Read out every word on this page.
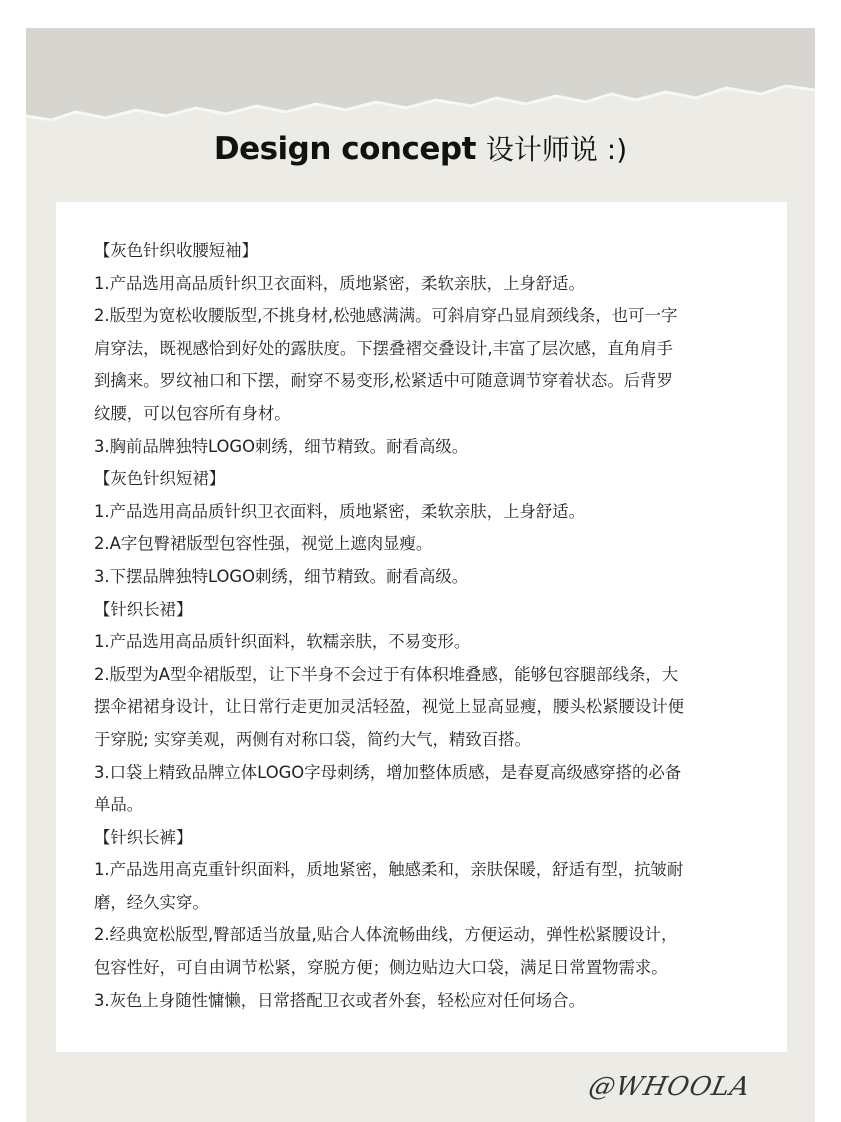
Design concept 设计师说 :)

【灰色针织收腰短袖】

1.产品选用高品质针织卫衣面料，质地紧密，柔软亲肤，上身舒适。

2.版型为宽松收腰版型,不挑身材,松弛感满满。可斜肩穿凸显肩颈线条，也可一字

肩穿法，既视感恰到好处的露肤度。下摆叠褶交叠设计,丰富了层次感，直角肩手

到擒来。罗纹袖口和下摆，耐穿不易变形,松紧适中可随意调节穿着状态。后背罗

纹腰，可以包容所有身材。

3.胸前品牌独特LOGO刺绣，细节精致。耐看高级。

【灰色针织短裙】

1.产品选用高品质针织卫衣面料，质地紧密，柔软亲肤，上身舒适。

2.A字包臀裙版型包容性强，视觉上遮肉显瘦。

3.下摆品牌独特LOGO刺绣，细节精致。耐看高级。

【针织长裙】

1.产品选用高品质针织面料，软糯亲肤，不易变形。

2.版型为A型伞裙版型，让下半身不会过于有体积堆叠感，能够包容腿部线条，大

摆伞裙裙身设计，让日常行走更加灵活轻盈，视觉上显高显瘦，腰头松紧腰设计便

于穿脱; 实穿美观，两侧有对称口袋，简约大气，精致百搭。

3.口袋上精致品牌立体LOGO字母刺绣，增加整体质感，是春夏高级感穿搭的必备

单品。

【针织长裤】

1.产品选用高克重针织面料，质地紧密，触感柔和，亲肤保暖，舒适有型，抗皱耐

磨，经久实穿。

2.经典宽松版型,臀部适当放量,贴合人体流畅曲线，方便运动，弹性松紧腰设计，

包容性好，可自由调节松紧，穿脱方便；侧边贴边大口袋，满足日常置物需求。

3.灰色上身随性慵懒，日常搭配卫衣或者外套，轻松应对任何场合。

@WHOOLA
